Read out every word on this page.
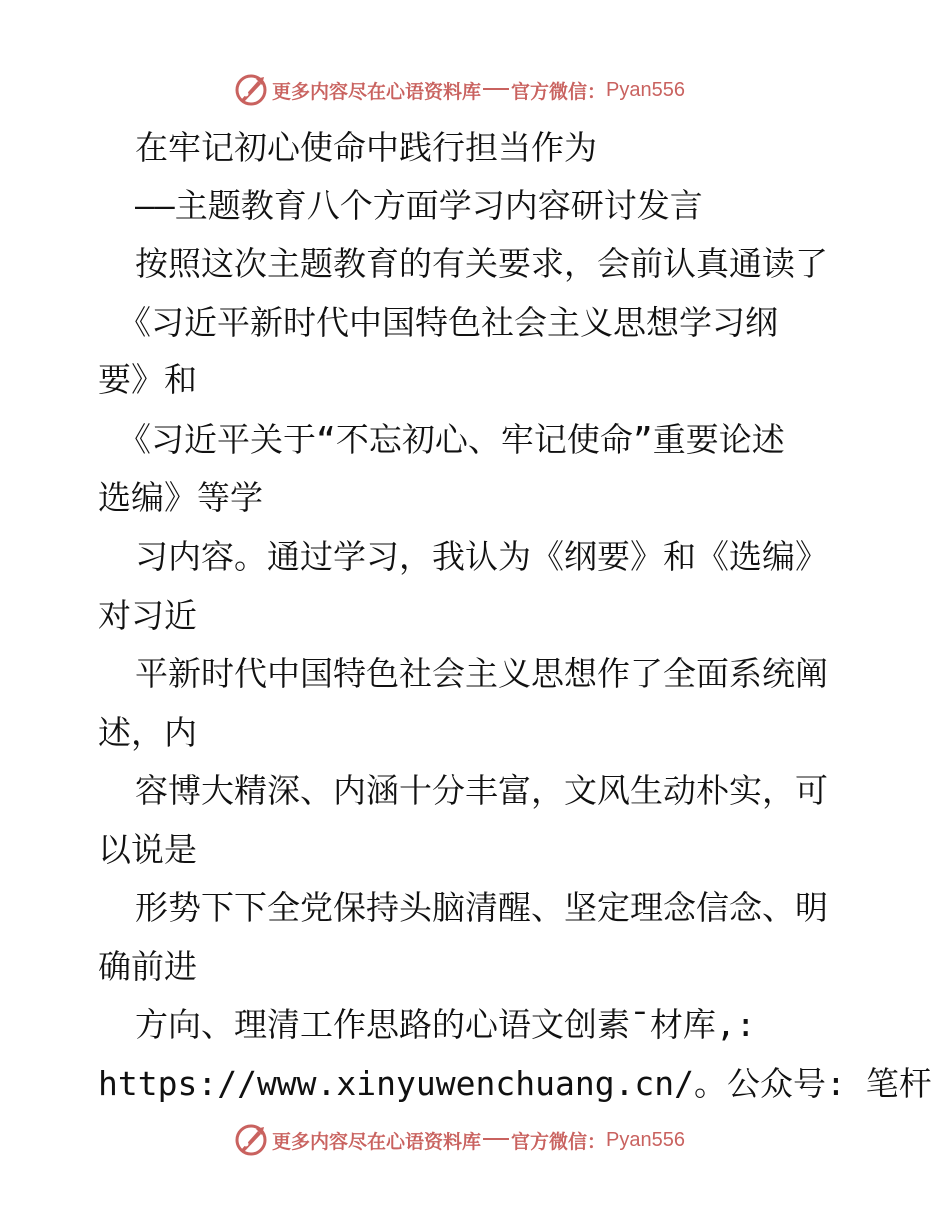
更多内容尽在心语资料库 官方微信： Pyan556
在牢记初心使命中践行担当作为
——主题教育八个方面学习内容研讨发言
按照这次主题教育的有关要求，会前认真通读了
《习近平新时代中国特色社会主义思想学习纲
要》和
《习近平关于“不忘初心、牢记使命”重要论述
选编》等学
习内容。通过学习，我认为《纲要》和《选编》
对习近
平新时代中国特色社会主义思想作了全面系统阐
述，内
容博大精深、内涵十分丰富，文风生动朴实，可
以说是
形势下下全党保持头脑清醒、坚定理念信念、明
确前进
方向、理清工作思路的心语文创素¯材库,:
https://www.xinyuwenchuang.cn/。公众号: 笔杆
更多内容尽在心语资料库 官方微信： Pyan556
